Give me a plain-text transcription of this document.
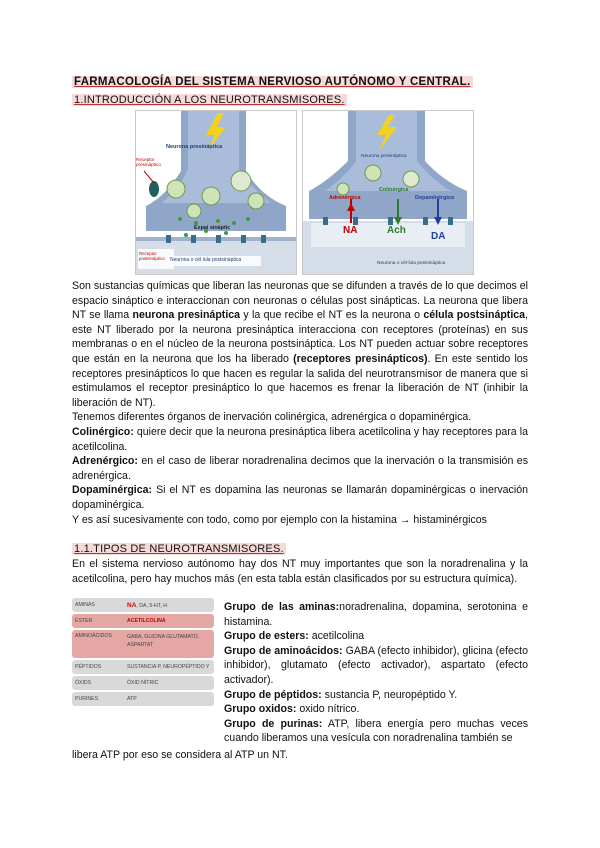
FARMACOLOGÍA DEL SISTEMA NERVIOSO AUTÓNOMO Y CENTRAL.
1.INTRODUCCIÓN A LOS NEUROTRANSMISORES.
Neurona presináptica
Receptor presináptico
Espai sinàptic
Receptor postsináptico	Neurona o cèl·lula postsinàptica
Neurona presináptica
Colinérgica
Adrenérgica	Dopaminérgica
NA	Ach
DA
Neurona o cèl·lula postsinàptica

Son sustancias químicas que liberan las neuronas que se difunden a través de lo que decimos el espacio sináptico e interaccionan con neuronas o células post sinápticas. La neurona que libera NT se llama neurona presináptica y la que recibe el NT es la neurona o célula postsináptica, este NT liberado por la neurona presináptica interacciona con receptores (proteínas) en sus membranas o en el núcleo de la neurona postsináptica. Los NT pueden actuar sobre receptores que están en la neurona que los ha liberado (receptores presinápticos). En este sentido los receptores presinápticos lo que hacen es regular la salida del neurotransmisor de manera que si estimulamos el receptor presináptico lo que hacemos es frenar la liberación de NT (inhibir la liberación de NT).

Tenemos diferentes órganos de inervación colinérgica, adrenérgica o dopaminérgica.

Colinérgico: quiere decir que la neurona presináptica libera acetilcolina y hay receptores para la acetilcolina.

Adrenérgico: en el caso de liberar noradrenalina decimos que la inervación o la transmisión es adrenérgica.

Dopaminérgica: Si el NT es dopamina las neuronas se llamarán dopaminérgicas o inervación dopaminérgica.

Y es así sucesivamente con todo, como por ejemplo con la histamina → histaminérgicos

1.1.TIPOS DE NEUROTRANSMISORES.
En el sistema nervioso autónomo hay dos NT muy importantes que son la noradrenalina y la acetilcolina, pero hay muchos más (en esta tabla están clasificados por su estructura química).
AMINAS	NA, DA, 5-HT, H
ÉSTER	ACETILCOLINA
AMINOÁCIDOS	GABA, GLICINA GLUTAMATO, ASPARTAT
PÉPTIDOS	SUSTANCIA P, NEUROPÉPTIDO Y
ÓXIDS	ÒXID NÍTRIC
PURINES	ATP

Grupo de las aminas:noradrenalina, dopamina, serotonina e histamina.

Grupo de esters: acetilcolina

Grupo de aminoácidos: GABA (efecto inhibidor), glicina (efecto inhibidor), glutamato (efecto activador), aspartato (efecto activador).

Grupo de péptidos: sustancia P, neuropéptido Y.

Grupo oxidos: oxido nítrico.

Grupo de purinas: ATP, libera energía pero muchas veces cuando liberamos una vesícula con noradrenalina también se

libera ATP por eso se considera al ATP un NT.
